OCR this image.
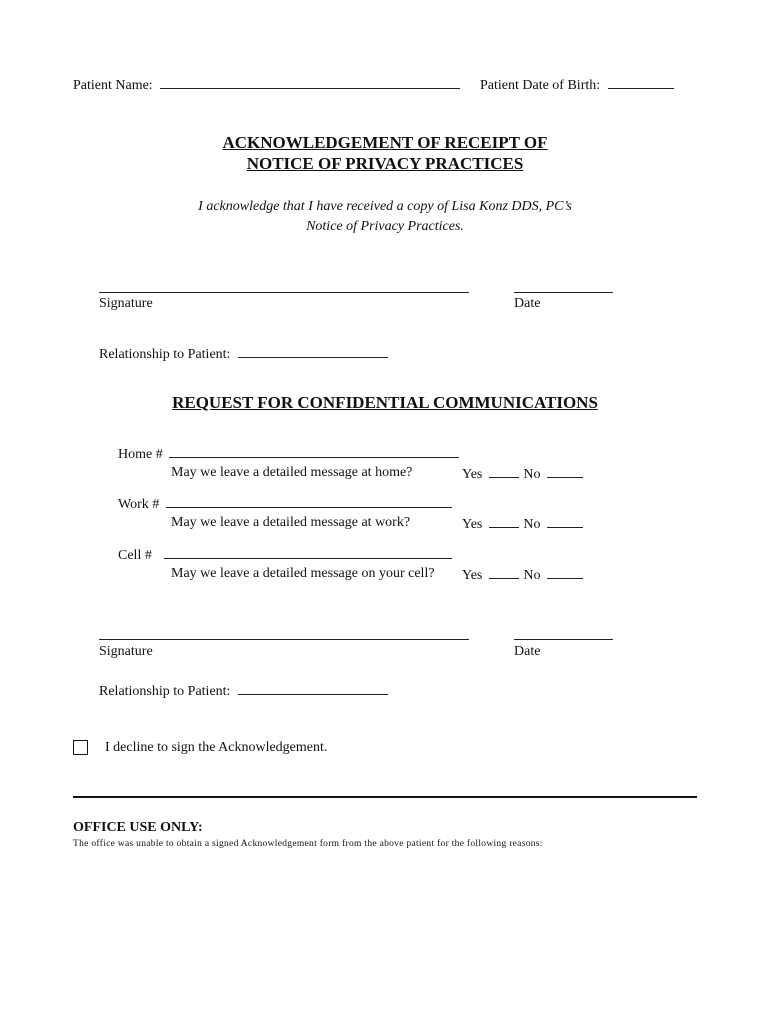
Patient Name:	Patient Date of Birth:
ACKNOWLEDGEMENT OF RECEIPT OF
NOTICE OF PRIVACY PRACTICES
I acknowledge that I have received a copy of Lisa Konz DDS, PC’s
Notice of Privacy Practices.
Signature	Date
Relationship to Patient:
REQUEST FOR CONFIDENTIAL COMMUNICATIONS
Home #
May we leave a detailed message at home?	Yes	No
Work #
May we leave a detailed message at work?	Yes	No
Cell #
May we leave a detailed message on your cell? Yes	No
Signature	Date
Relationship to Patient:
I decline to sign the Acknowledgement.
OFFICE USE ONLY:
The office was unable to obtain a signed Acknowledgement form from the above patient for the following reasons:
